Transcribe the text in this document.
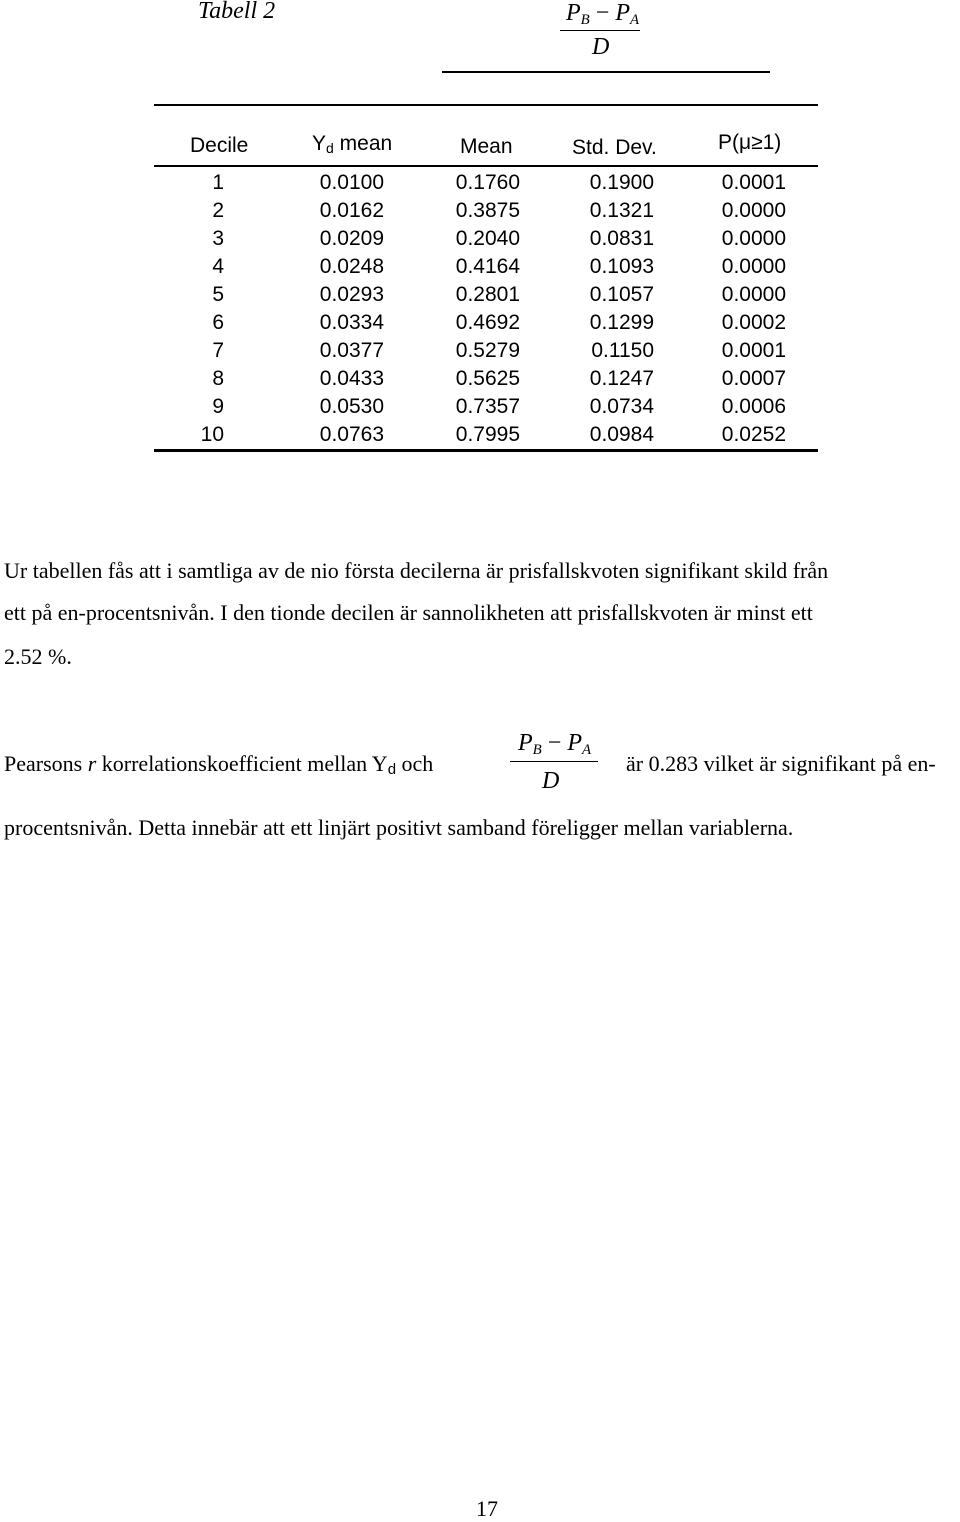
Tabell 2	$P_B - P_A$
D
Decile	$Y_d$ mean	Mean	Std. Dev.	P(μ≥1)
1	0.0100	0.1760	0.1900	0.0001
2	0.0162	0.3875	0.1321	0.0000
3	0.0209	0.2040	0.0831	0.0000
4	0.0248	0.4164	0.1093	0.0000
5	0.0293	0.2801	0.1057	0.0000
6	0.0334	0.4692	0.1299	0.0002
7	0.0377	0.5279	0.1150	0.0001
8	0.0433	0.5625	0.1247	0.0007
9	0.0530	0.7357	0.0734	0.0006
10	0.0763	0.7995	0.0984	0.0252
Ur tabellen fås att i samtliga av de nio första decilerna är prisfallskvoten signifikant skild från
ett på en-procentsnivån. I den tionde decilen är sannolikheten att prisfallskvoten är minst ett
2.52 %.
Pearsons r korrelationskoefficient mellan $Y_d$ och
$P_B - P_A$
D
är 0.283 vilket är signifikant på en-
procentsnivån. Detta innebär att ett linjärt positivt samband föreligger mellan variablerna.
17
